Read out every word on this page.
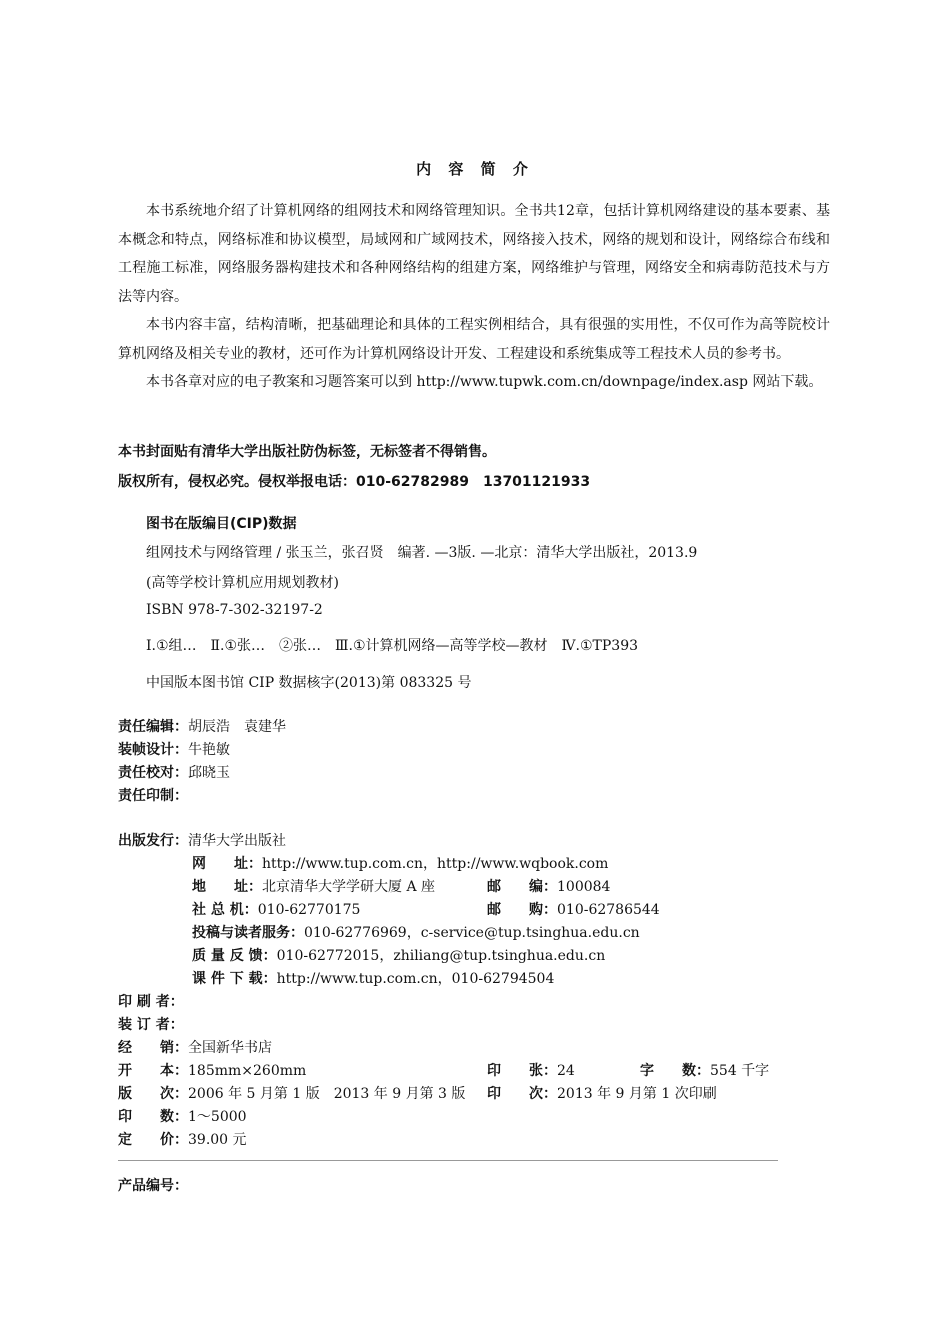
内 容 简 介

本书系统地介绍了计算机网络的组网技术和网络管理知识。全书共12章，包括计算机网络建设的基本要素、基本概念和特点，网络标准和协议模型，局域网和广域网技术，网络接入技术，网络的规划和设计，网络综合布线和工程施工标准，网络服务器构建技术和各种网络结构的组建方案，网络维护与管理，网络安全和病毒防范技术与方法等内容。

本书内容丰富，结构清晰，把基础理论和具体的工程实例相结合，具有很强的实用性，不仅可作为高等院校计算机网络及相关专业的教材，还可作为计算机网络设计开发、工程建设和系统集成等工程技术人员的参考书。

本书各章对应的电子教案和习题答案可以到 http://www.tupwk.com.cn/downpage/index.asp 网站下载。

本书封面贴有清华大学出版社防伪标签，无标签者不得销售。
版权所有，侵权必究。侵权举报电话：010-62782989　13701121933
图书在版编目(CIP)数据
组网技术与网络管理 / 张玉兰，张召贤　编著. —3版. —北京：清华大学出版社，2013.9
(高等学校计算机应用规划教材)
ISBN 978-7-302-32197-2
Ⅰ.①组…　Ⅱ.①张…　②张…　Ⅲ.①计算机网络—高等学校—教材　Ⅳ.①TP393
中国版本图书馆 CIP 数据核字(2013)第 083325 号
责任编辑：胡辰浩　袁建华
装帧设计：牛艳敏
责任校对：邱晓玉
责任印制：
出版发行：清华大学出版社
网　　址：http://www.tup.com.cn，http://www.wqbook.com
地　　址：北京清华大学学研大厦 A 座	邮　　编：100084
社 总 机：010-62770175	邮　　购：010-62786544
投稿与读者服务：010-62776969，c-service@tup.tsinghua.edu.cn
质 量 反 馈：010-62772015，zhiliang@tup.tsinghua.edu.cn
课 件 下 载：http://www.tup.com.cn，010-62794504
印 刷 者：
装 订 者：
经　　销：全国新华书店
开　　本：185mm×260mm	印　　张：24	字　　数：554 千字
版　　次：2006 年 5 月第 1 版　2013 年 9 月第 3 版 印　　次：2013 年 9 月第 1 次印刷
印　　数：1～5000
定　　价：39.00 元
产品编号：
